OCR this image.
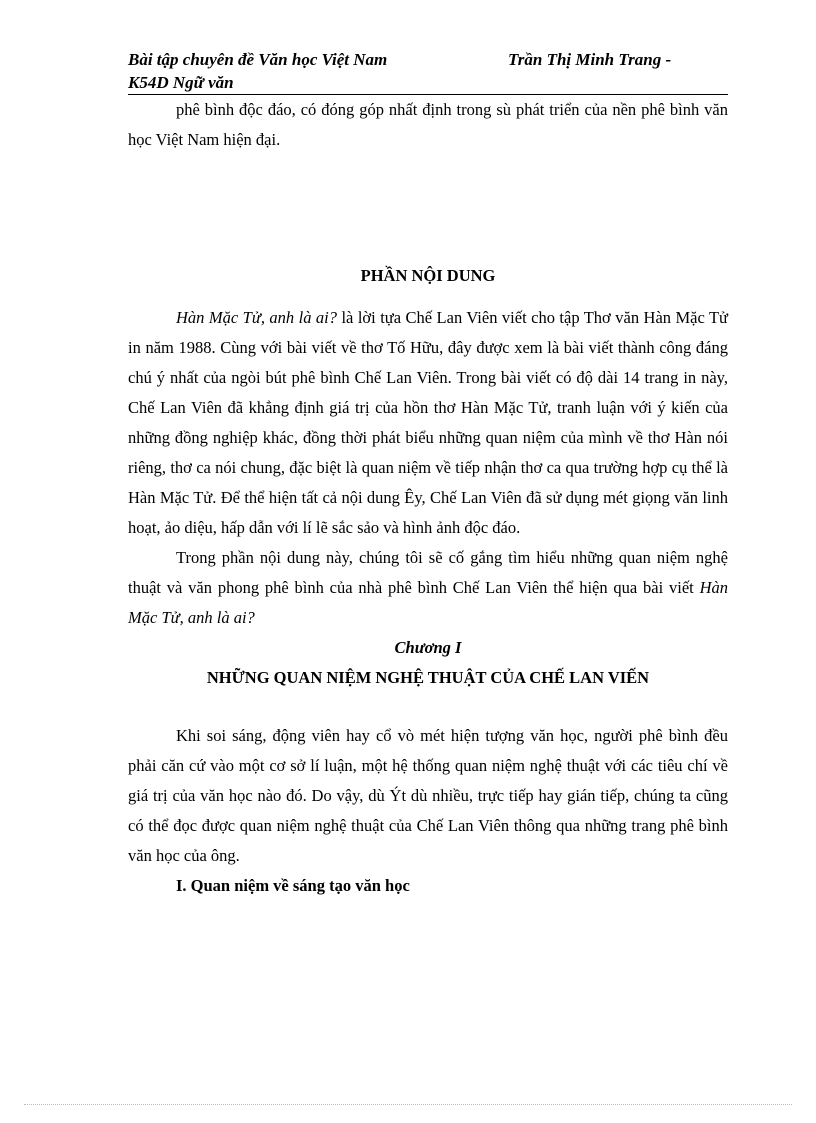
Bài tập chuyên đề Văn học Việt Nam	Trần Thị Minh Trang -
K54D Ngữ văn

phê bình độc đáo, có đóng góp nhất định trong sù phát triển của nền phê bình văn học Việt Nam hiện đại.

PHẦN NỘI DUNG

Hàn Mặc Tử, anh là ai? là lời tựa Chế Lan Viên viết cho tập Thơ văn Hàn Mặc Tử in năm 1988. Cùng với bài viết về thơ Tố Hữu, đây được xem là bài viết thành công đáng chú ý nhất của ngòi bút phê bình Chế Lan Viên. Trong bài viết có độ dài 14 trang in này, Chế Lan Viên đã khẳng định giá trị của hồn thơ Hàn Mặc Tử, tranh luận với ý kiến của những đồng nghiệp khác, đồng thời phát biểu những quan niệm của mình về thơ Hàn nói riêng, thơ ca nói chung, đặc biệt là quan niệm về tiếp nhận thơ ca qua trường hợp cụ thể là Hàn Mặc Tử. Để thể hiện tất cả nội dung Êy, Chế Lan Viên đã sử dụng mét giọng văn linh hoạt, ảo diệu, hấp dẫn với lí lẽ sắc sảo và hình ảnh độc đáo.

Trong phần nội dung này, chúng tôi sẽ cố gắng tìm hiểu những quan niệm nghệ thuật và văn phong phê bình của nhà phê bình Chế Lan Viên thể hiện qua bài viết Hàn Mặc Tử, anh là ai?

Chương I

NHỮNG QUAN NIỆM NGHỆ THUẬT CỦA CHẾ LAN VIẾN

Khi soi sáng, động viên hay cổ vò mét hiện tượng văn học, người phê bình đều phải căn cứ vào một cơ sở lí luận, một hệ thống quan niệm nghệ thuật với các tiêu chí về giá trị của văn học nào đó. Do vậy, dù Ýt dù nhiều, trực tiếp hay gián tiếp, chúng ta cũng có thể đọc được quan niệm nghệ thuật của Chế Lan Viên thông qua những trang phê bình văn học của ông.

I. Quan niệm về sáng tạo văn học
